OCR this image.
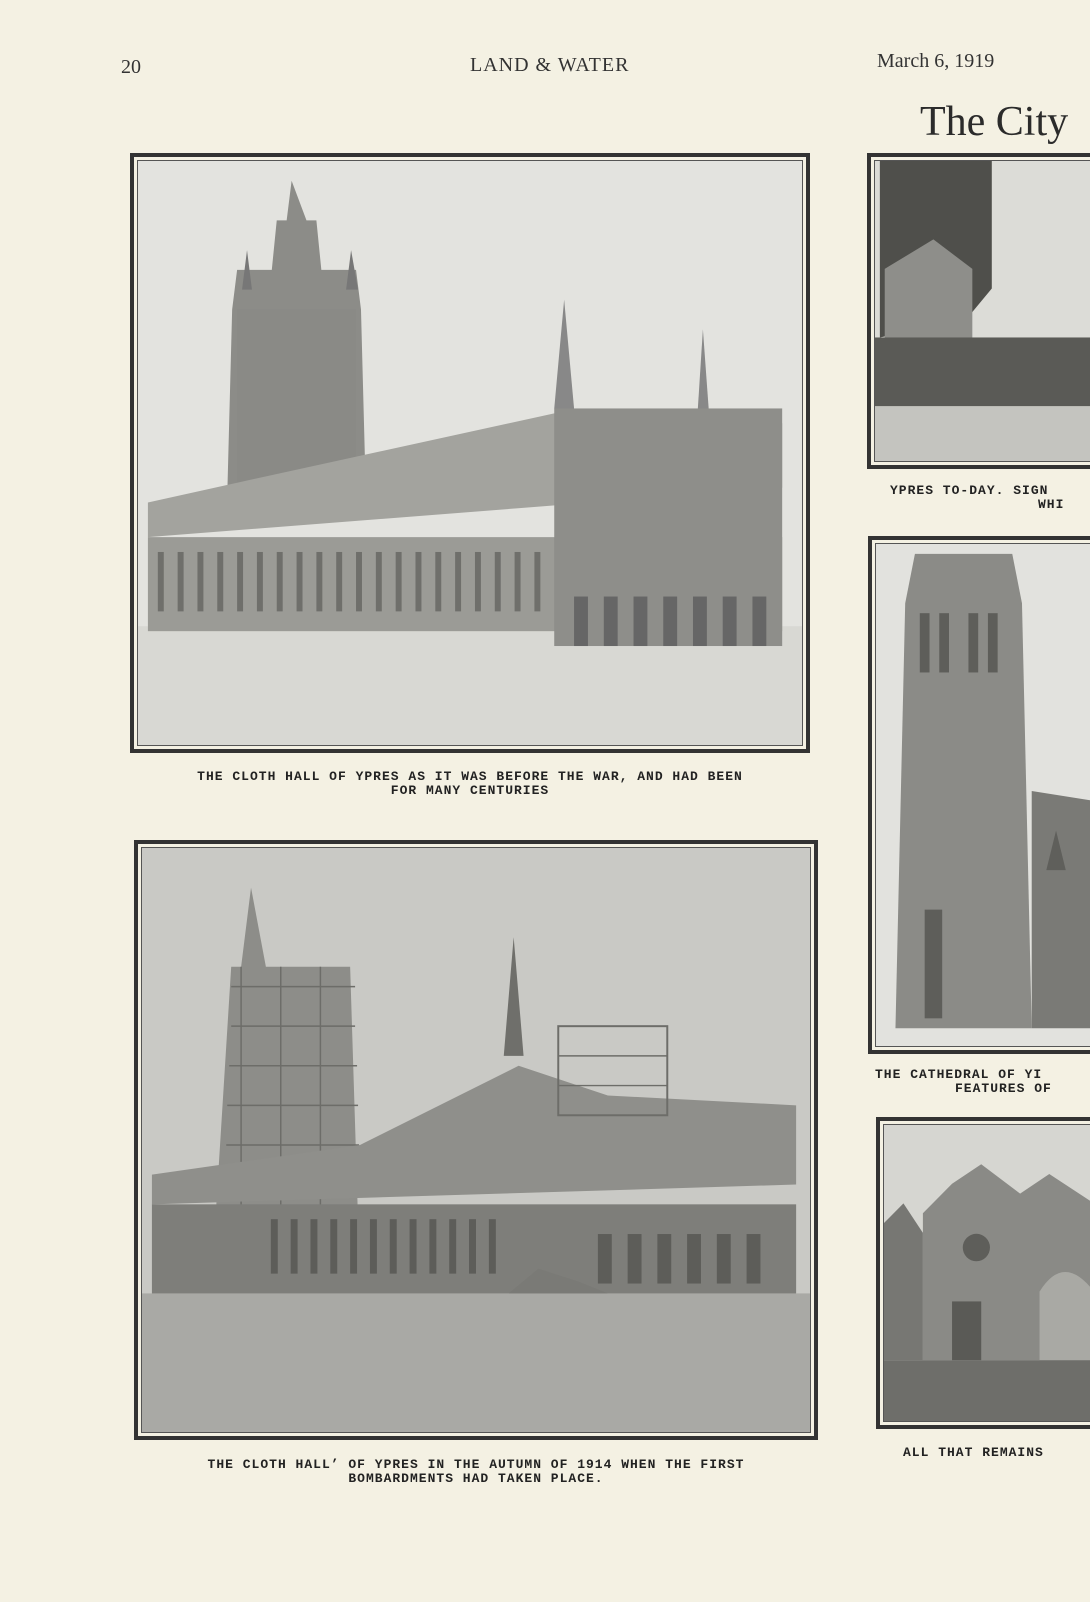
20	LAND & WATER	March 6, 1919
The City
THE CLOTH HALL OF YPRES AS IT WAS BEFORE THE WAR, AND HAD BEEN
FOR MANY CENTURIES
THE CLOTH HALL’ OF YPRES IN THE AUTUMN OF 1914 WHEN THE FIRST
BOMBARDMENTS HAD TAKEN PLACE.
YPRES TO-DAY. SIGN
WHI
THE CATHEDRAL OF YI
FEATURES OF
ALL THAT REMAINS
